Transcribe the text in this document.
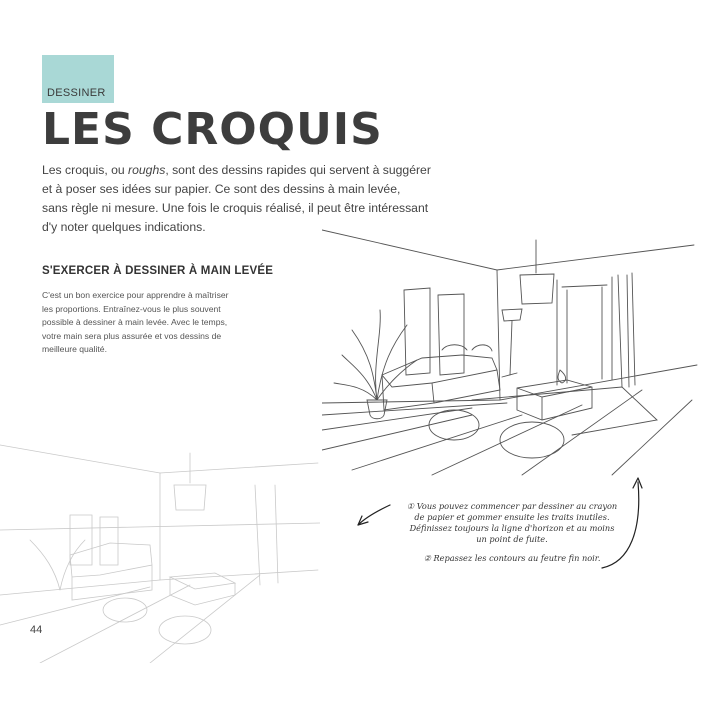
DESSINER
LES CROQUIS

Les croquis, ou roughs, sont des dessins rapides qui servent à suggérer
et à poser ses idées sur papier. Ce sont des dessins à main levée,
sans règle ni mesure. Une fois le croquis réalisé, il peut être intéressant
d'y noter quelques indications.

S'EXERCER À DESSINER À MAIN LEVÉE

C'est un bon exercice pour apprendre à maîtriser
les proportions. Entraînez-vous le plus souvent
possible à dessiner à main levée. Avec le temps,
votre main sera plus assurée et vos dessins de
meilleure qualité.

① Vous pouvez commencer par dessiner au crayon
de papier et gommer ensuite les traits inutiles.
Définissez toujours la ligne d'horizon et au moins
un point de fuite.
② Repassez les contours au feutre fin noir.
44
